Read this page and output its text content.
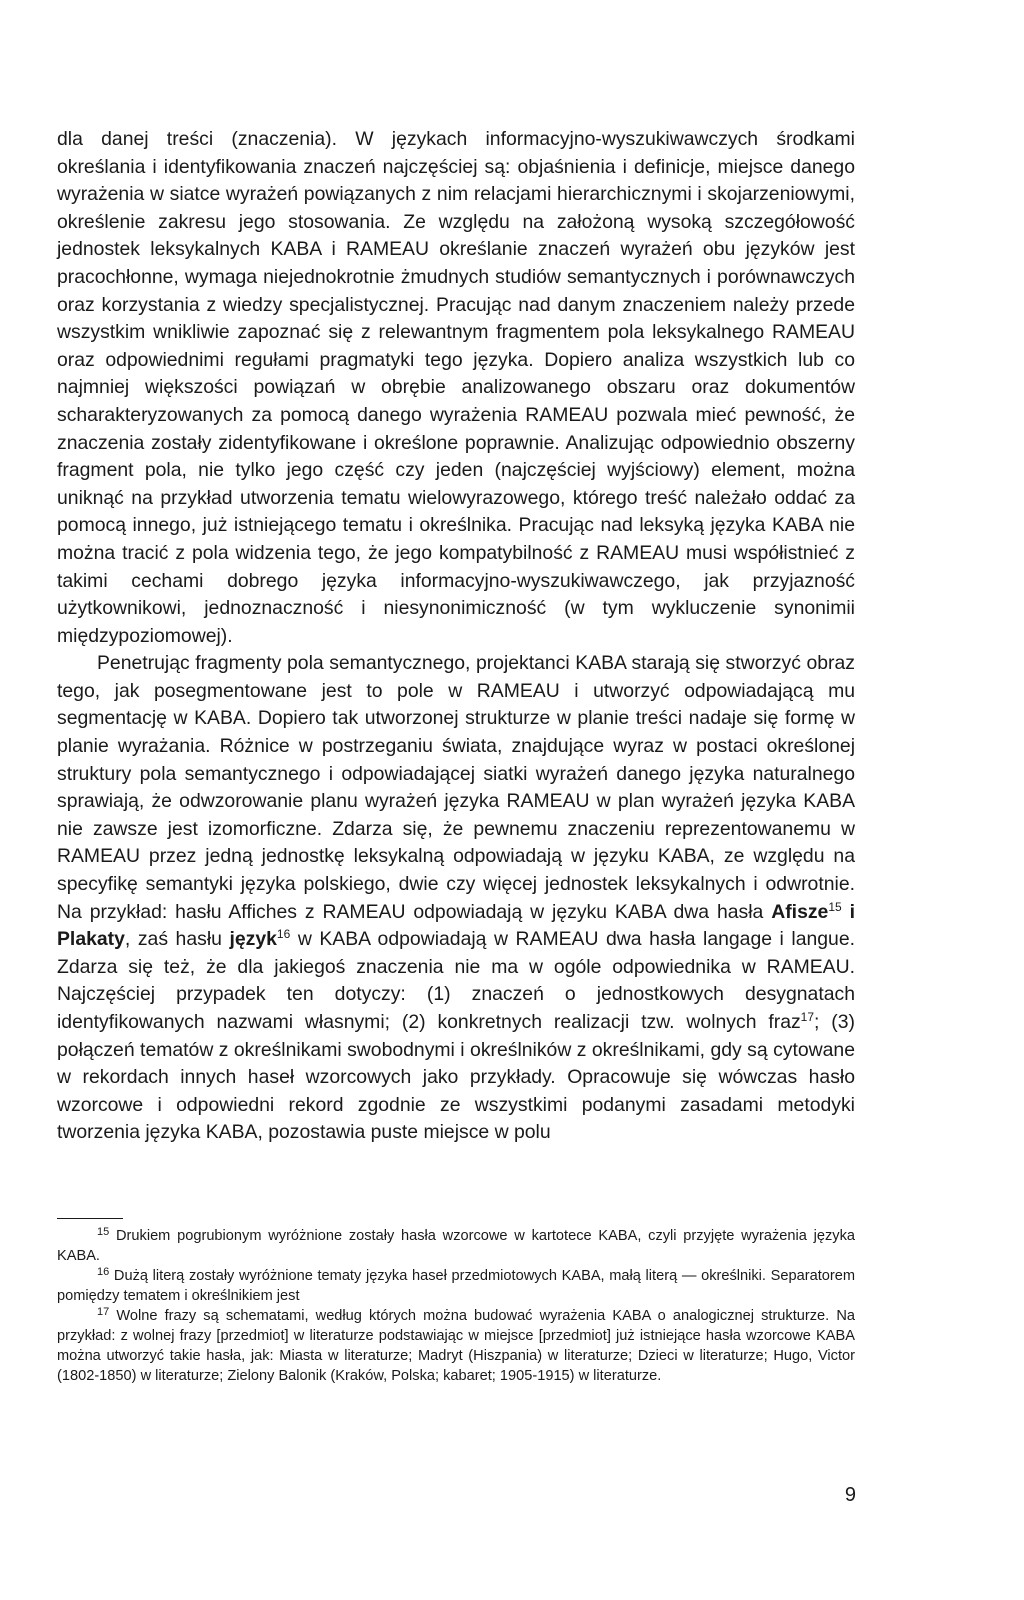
dla danej treści (znaczenia). W językach informacyjno-wyszukiwawczych środkami określania i identyfikowania znaczeń najczęściej są: objaśnienia i definicje, miejsce danego wyrażenia w siatce wyrażeń powiązanych z nim relacjami hierarchicznymi i skojarzeniowymi, określenie zakresu jego stosowania. Ze względu na założoną wysoką szczegółowość jednostek leksykalnych KABA i RAMEAU określanie znaczeń wyrażeń obu języków jest pracochłonne, wymaga niejednokrotnie żmudnych studiów semantycznych i porównawczych oraz korzystania z wiedzy specjalistycznej. Pracując nad danym znaczeniem należy przede wszystkim wnikliwie zapoznać się z relewantnym fragmentem pola leksykalnego RAMEAU oraz odpowiednimi regułami pragmatyki tego języka. Dopiero analiza wszystkich lub co najmniej większości powiązań w obrębie analizowanego obszaru oraz dokumentów scharakteryzowanych za pomocą danego wyrażenia RAMEAU pozwala mieć pewność, że znaczenia zostały zidentyfikowane i określone poprawnie. Analizując odpowiednio obszerny fragment pola, nie tylko jego część czy jeden (najczęściej wyjściowy) element, można uniknąć na przykład utworzenia tematu wielowyrazowego, którego treść należało oddać za pomocą innego, już istniejącego tematu i określnika. Pracując nad leksyką języka KABA nie można tracić z pola widzenia tego, że jego kompatybilność z RAMEAU musi współistnieć z takimi cechami dobrego języka informacyjno-wyszukiwawczego, jak przyjazność użytkownikowi, jednoznaczność i niesynonimiczność (w tym wykluczenie synonimii międzypoziomowej).

Penetrując fragmenty pola semantycznego, projektanci KABA starają się stworzyć obraz tego, jak posegmentowane jest to pole w RAMEAU i utworzyć odpowiadającą mu segmentację w KABA. Dopiero tak utworzonej strukturze w planie treści nadaje się formę w planie wyrażania. Różnice w postrzeganiu świata, znajdujące wyraz w postaci określonej struktury pola semantycznego i odpowiadającej siatki wyrażeń danego języka naturalnego sprawiają, że odwzorowanie planu wyrażeń języka RAMEAU w plan wyrażeń języka KABA nie zawsze jest izomorficzne. Zdarza się, że pewnemu znaczeniu reprezentowanemu w RAMEAU przez jedną jednostkę leksykalną odpowiadają w języku KABA, ze względu na specyfikę semantyki języka polskiego, dwie czy więcej jednostek leksykalnych i odwrotnie. Na przykład: hasłu Affiches z RAMEAU odpowiadają w języku KABA dwa hasła Afisze$^{15}$ i Plakaty, zaś hasłu język$^{16}$ w KABA odpowiadają w RAMEAU dwa hasła langage i langue. Zdarza się też, że dla jakiegoś znaczenia nie ma w ogóle odpowiednika w RAMEAU. Najczęściej przypadek ten dotyczy: (1) znaczeń o jednostkowych desygnatach identyfikowanych nazwami własnymi; (2) konkretnych realizacji tzw. wolnych fraz$^{17}$; (3) połączeń tematów z określnikami swobodnymi i określników z określnikami, gdy są cytowane w rekordach innych haseł wzorcowych jako przykłady. Opracowuje się wówczas hasło wzorcowe i odpowiedni rekord zgodnie ze wszystkimi podanymi zasadami metodyki tworzenia języka KABA, pozostawia puste miejsce w polu

$^{15}$ Drukiem pogrubionym wyróżnione zostały hasła wzorcowe w kartotece KABA, czyli przyjęte wyrażenia języka KABA.

$^{16}$ Dużą literą zostały wyróżnione tematy języka haseł przedmiotowych KABA, małą literą — określniki. Separatorem pomiędzy tematem i określnikiem jest

$^{17}$ Wolne frazy są schematami, według których można budować wyrażenia KABA o analogicznej strukturze. Na przykład: z wolnej frazy [przedmiot] w literaturze podstawiając w miejsce [przedmiot] już istniejące hasła wzorcowe KABA można utworzyć takie hasła, jak: Miasta w literaturze; Madryt (Hiszpania) w literaturze; Dzieci w literaturze; Hugo, Victor (1802-1850) w literaturze; Zielony Balonik (Kraków, Polska; kabaret; 1905-1915) w literaturze.

9
